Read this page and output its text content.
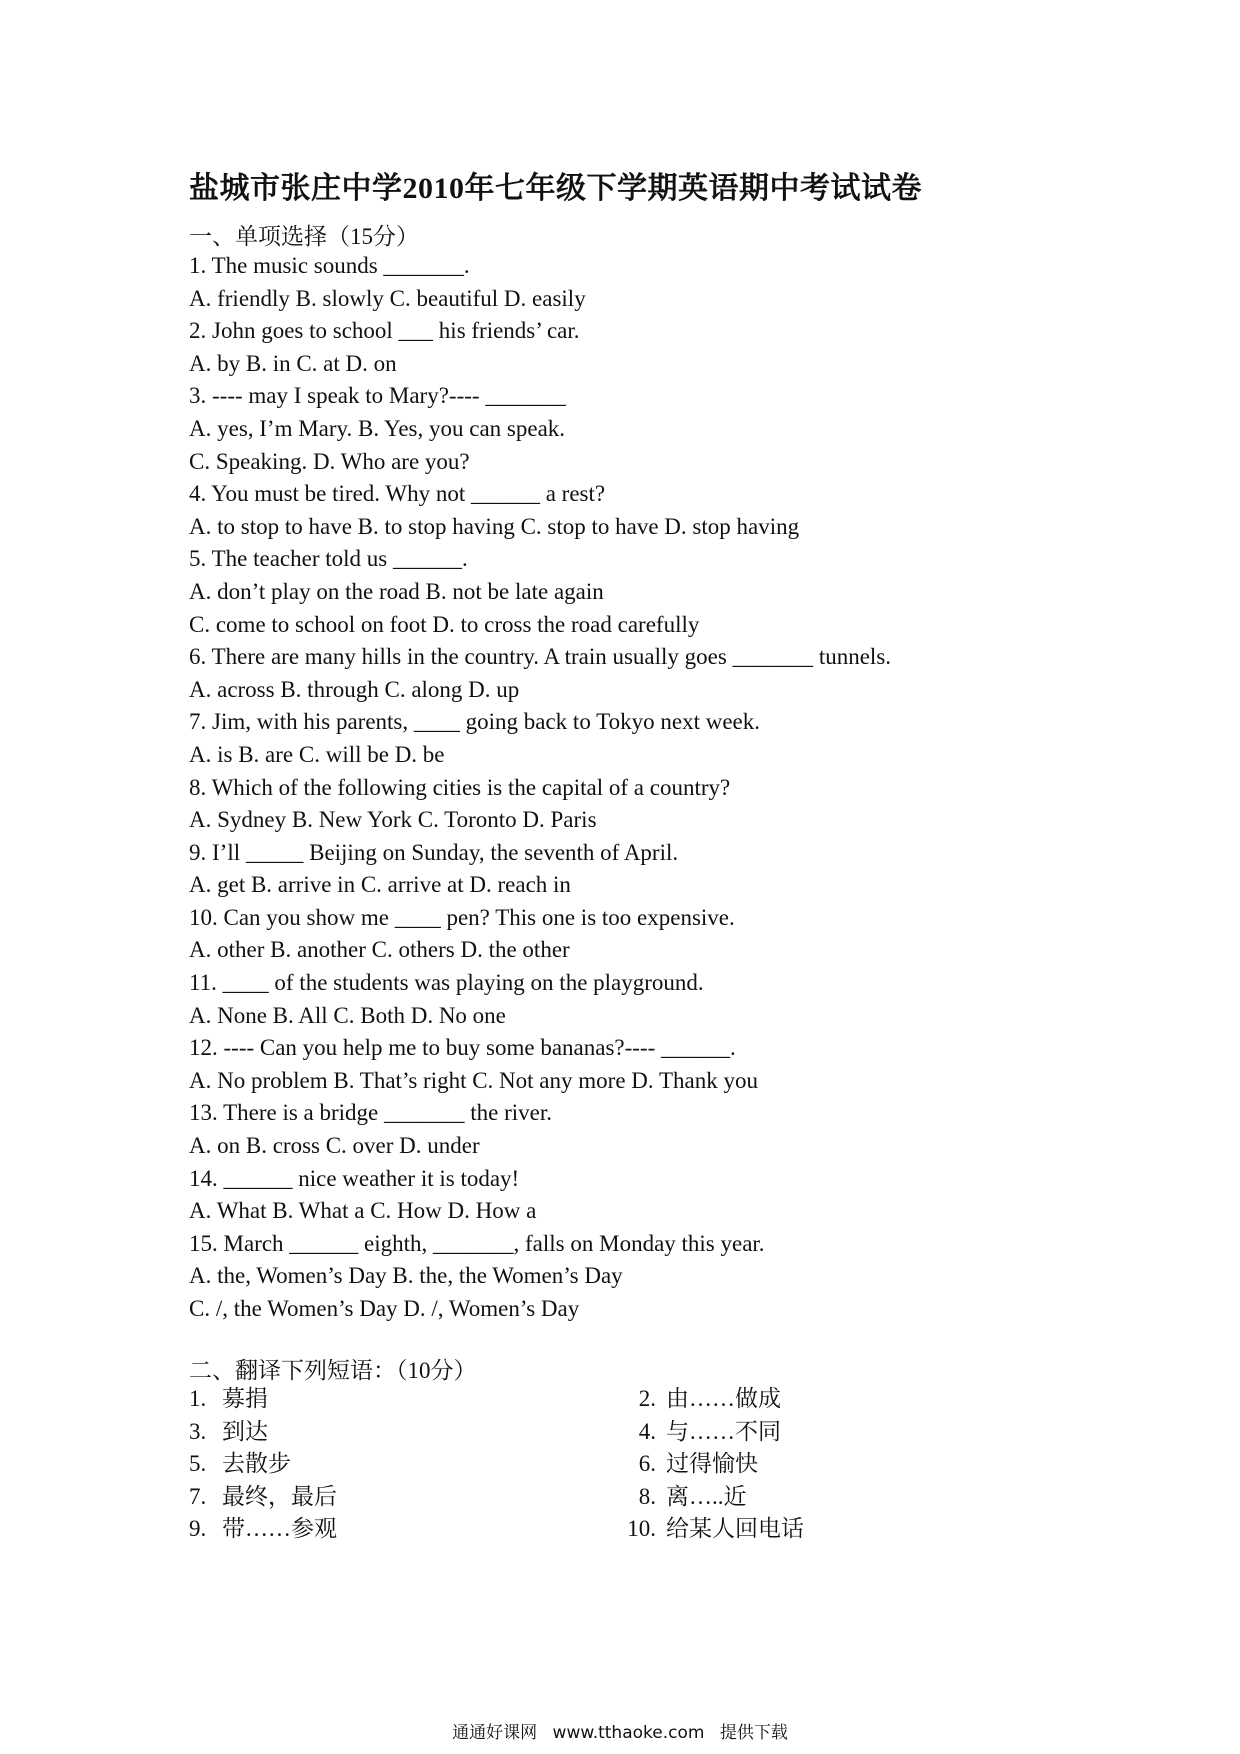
盐城市张庄中学2010年七年级下学期英语期中考试试卷
一、单项选择（15分）
1. The music sounds _______.
A. friendly B. slowly C. beautiful D. easily
2. John goes to school ___ his friends’ car.
A. by B. in C. at D. on
3. ---- may I speak to Mary?---- _______
A. yes, I’m Mary. B. Yes, you can speak.
C. Speaking. D. Who are you?
4. You must be tired. Why not ______ a rest?
A. to stop to have B. to stop having C. stop to have D. stop having
5. The teacher told us ______.
A. don’t play on the road B. not be late again
C. come to school on foot D. to cross the road carefully
6. There are many hills in the country. A train usually goes _______ tunnels.
A. across B. through C. along D. up
7. Jim, with his parents, ____ going back to Tokyo next week.
A. is B. are C. will be D. be
8. Which of the following cities is the capital of a country?
A. Sydney B. New York C. Toronto D. Paris
9. I’ll _____ Beijing on Sunday, the seventh of April.
A. get B. arrive in C. arrive at D. reach in
10. Can you show me ____ pen? This one is too expensive.
A. other B. another C. others D. the other
11. ____ of the students was playing on the playground.
A. None B. All C. Both D. No one
12. ---- Can you help me to buy some bananas?---- ______.
A. No problem B. That’s right C. Not any more D. Thank you
13. There is a bridge _______ the river.
A. on B. cross C. over D. under
14. ______ nice weather it is today!
A. What B. What a C. How D. How a
15. March ______ eighth, _______, falls on Monday this year.
A. the, Women’s Day B. the, the Women’s Day
C. /, the Women’s Day D. /, Women’s Day
二、翻译下列短语：（10分）
1. 募捐	2. 由……做成
3. 到达	4. 与……不同
5. 去散步	6. 过得愉快
7. 最终，最后	8. 离…..近
9. 带……参观	10. 给某人回电话
通通好课网 www.tthaoke.com 提供下载
